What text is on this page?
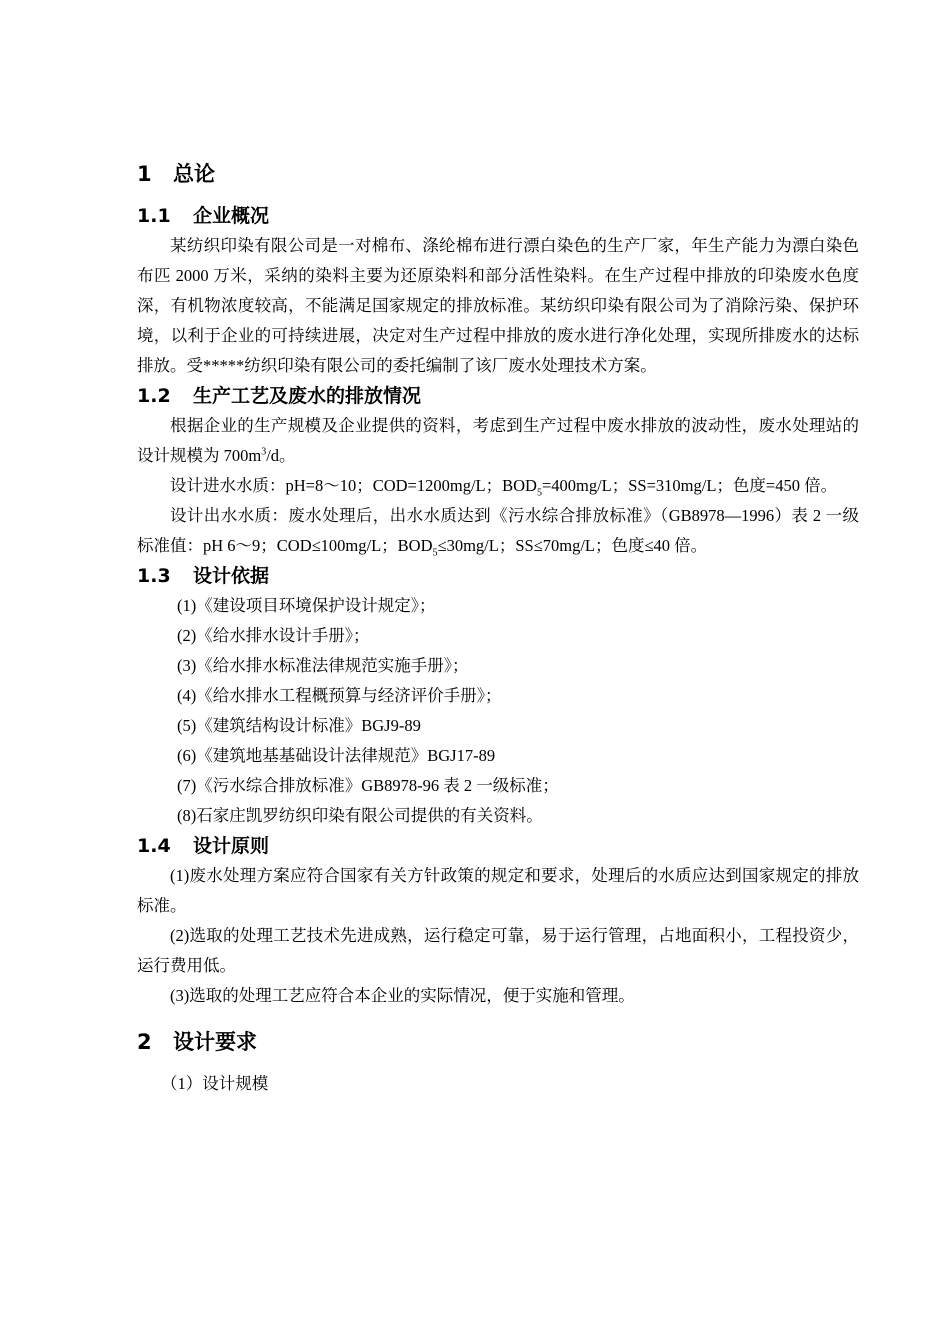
1 总论
1.1 企业概况

某纺织印染有限公司是一对棉布、涤纶棉布进行漂白染色的生产厂家，年生产能力为漂白染色布匹 2000 万米，采纳的染料主要为还原染料和部分活性染料。在生产过程中排放的印染废水色度深，有机物浓度较高，不能满足国家规定的排放标准。某纺织印染有限公司为了消除污染、保护环境，以利于企业的可持续进展，决定对生产过程中排放的废水进行净化处理，实现所排废水的达标排放。受*****纺织印染有限公司的委托编制了该厂废水处理技术方案。

1.2 生产工艺及废水的排放情况

根据企业的生产规模及企业提供的资料，考虑到生产过程中废水排放的波动性，废水处理站的设计规模为 $700m^3/d$。

设计进水水质：pH=8～10；COD=1200mg/L；$BOD_5=400mg/L$；SS=310mg/L；色度=450 倍。

设计出水水质：废水处理后，出水水质达到《污水综合排放标准》（GB8978—1996）表 2 一级标准值：pH 6～9；COD≤100mg/L；$BOD_5\le 30mg/L$；SS≤70mg/L；色度≤40 倍。

1.3 设计依据

(1)《建设项目环境保护设计规定》；

(2)《给水排水设计手册》；

(3)《给水排水标准法律规范实施手册》；

(4)《给水排水工程概预算与经济评价手册》；

(5)《建筑结构设计标准》BGJ9-89

(6)《建筑地基基础设计法律规范》BGJ17-89

(7)《污水综合排放标准》GB8978-96 表 2 一级标准；

(8)石家庄凯罗纺织印染有限公司提供的有关资料。

1.4 设计原则

(1)废水处理方案应符合国家有关方针政策的规定和要求，处理后的水质应达到国家规定的排放标准。

(2)选取的处理工艺技术先进成熟，运行稳定可靠，易于运行管理，占地面积小，工程投资少，运行费用低。

(3)选取的处理工艺应符合本企业的实际情况，便于实施和管理。

2 设计要求

（1）设计规模
